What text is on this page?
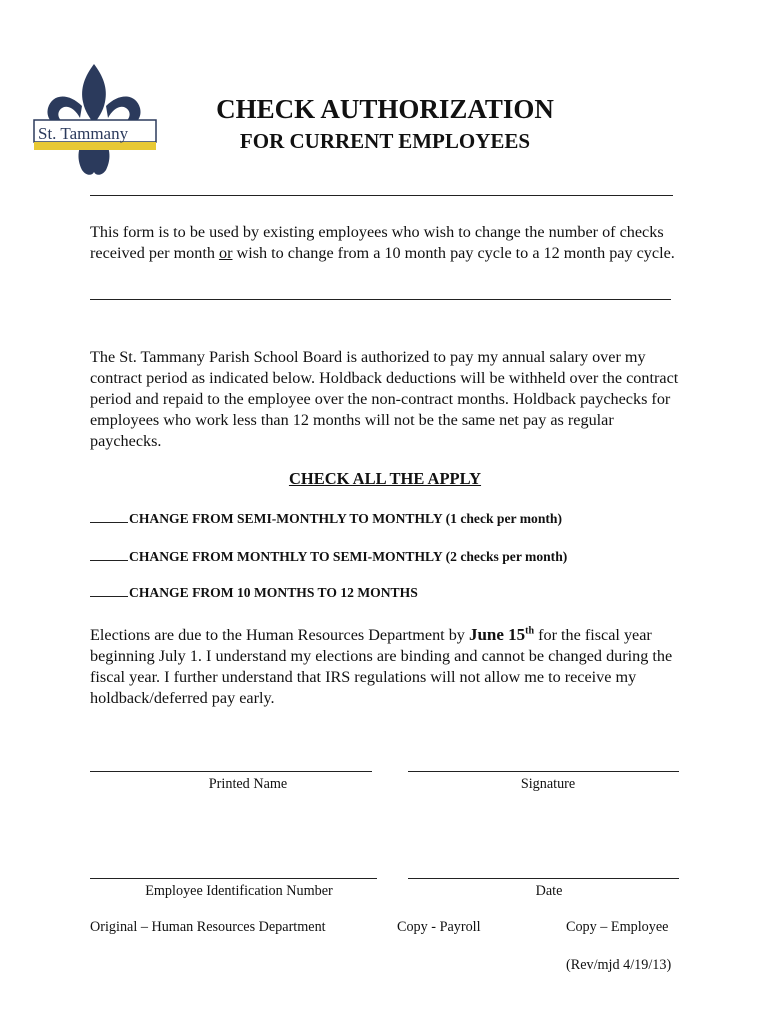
St. Tammany
CHECK AUTHORIZATION
FOR CURRENT EMPLOYEES
This form is to be used by existing employees who wish to change the number of checks received per month or wish to change from a 10 month pay cycle to a 12 month pay cycle.
The St. Tammany Parish School Board is authorized to pay my annual salary over my contract period as indicated below. Holdback deductions will be withheld over the contract period and repaid to the employee over the non-contract months. Holdback paychecks for employees who work less than 12 months will not be the same net pay as regular paychecks.
CHECK ALL THE APPLY
CHANGE FROM SEMI-MONTHLY TO MONTHLY (1 check per month)
CHANGE FROM MONTHLY TO SEMI-MONTHLY (2 checks per month)
CHANGE FROM 10 MONTHS TO 12 MONTHS
Elections are due to the Human Resources Department by June 15th for the fiscal year beginning July 1. I understand my elections are binding and cannot be changed during the fiscal year. I further understand that IRS regulations will not allow me to receive my holdback/deferred pay early.
Printed Name	Signature
Employee Identification Number	Date
Original – Human Resources Department	Copy - Payroll	Copy – Employee
(Rev/mjd 4/19/13)
